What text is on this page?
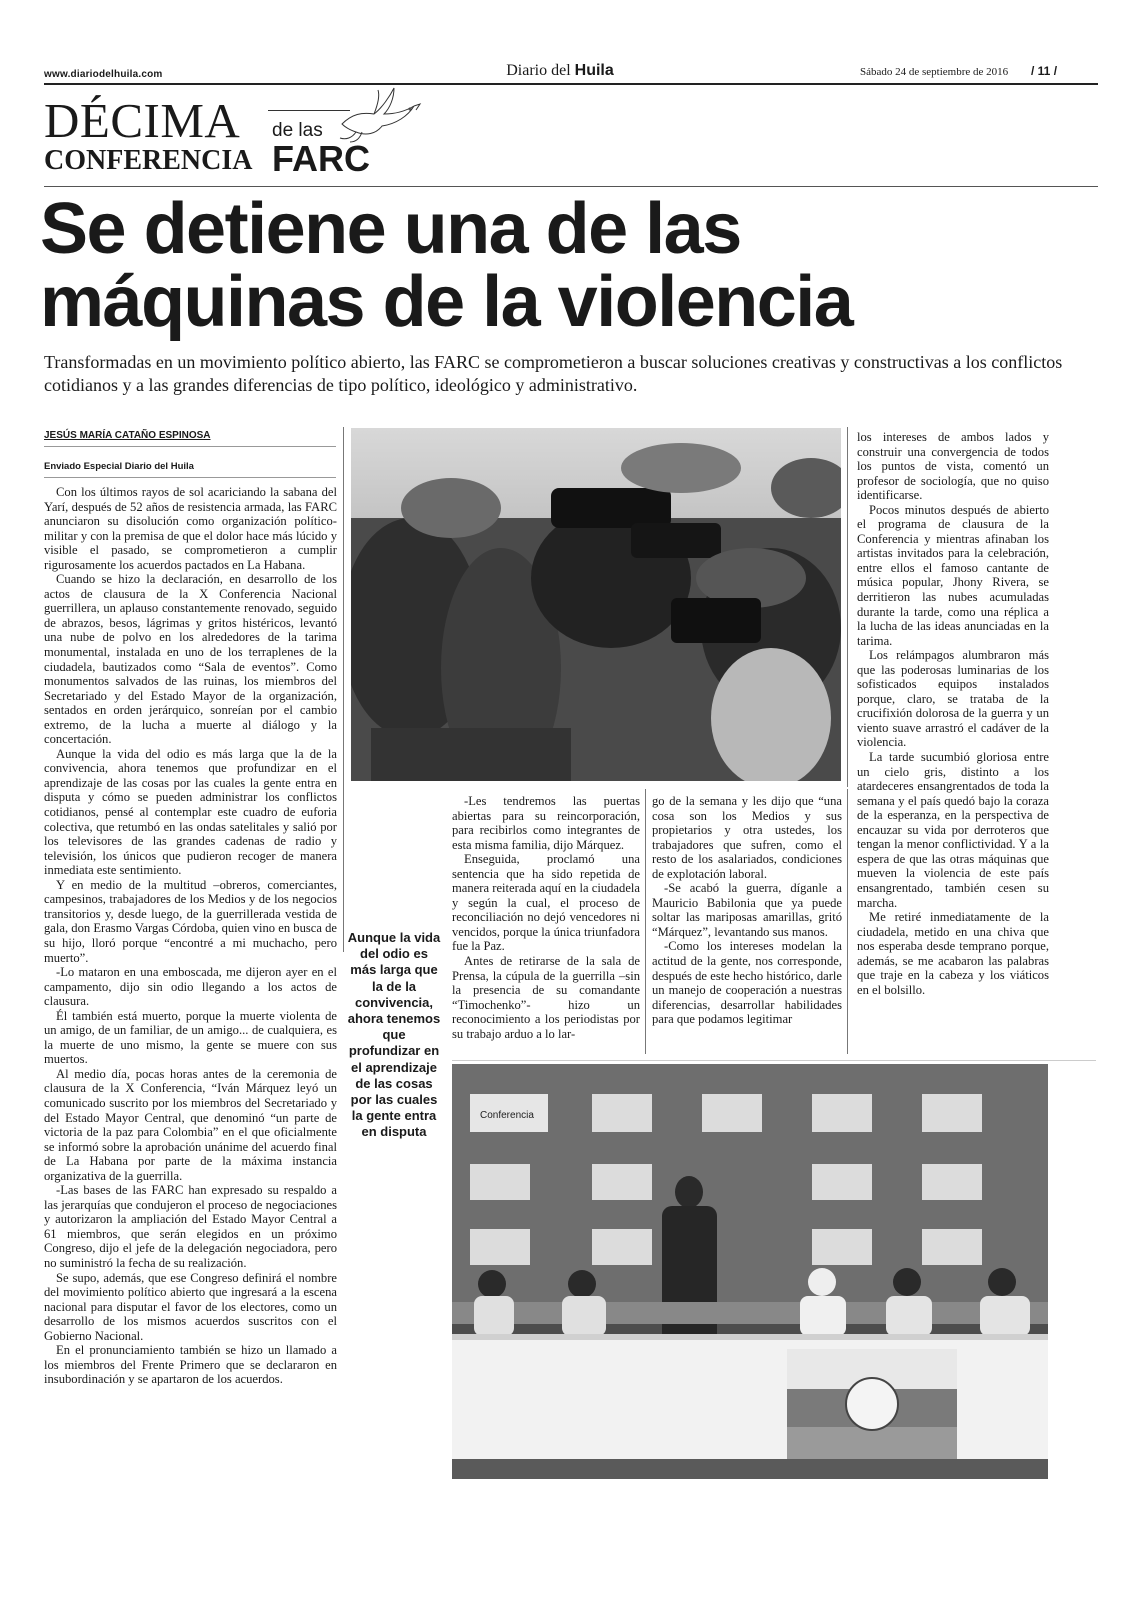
www.diariodelhuila.com	Diario del Huila	Sábado 24 de septiembre de 2016 / 11 /
DÉCIMA de las
CONFERENCIA FARC
Se detiene una de las
máquinas de la violencia
Transformadas en un movimiento político abierto, las FARC se comprometieron a buscar soluciones creativas y constructivas a los conflictos cotidianos y a las grandes diferencias de tipo político, ideológico y administrativo.
JESÚS MARÍA CATAÑO ESPINOSA
Enviado Especial Diario del Huila

Con los últimos rayos de sol acariciando la sabana del Yarí, después de 52 años de resistencia armada, las FARC anunciaron su disolución como organización político-militar y con la premisa de que el dolor hace más lúcido y visible el pasado, se comprometieron a cumplir rigurosamente los acuerdos pactados en La Habana.

Cuando se hizo la declaración, en desarrollo de los actos de clausura de la X Conferencia Nacional guerrillera, un aplauso constantemente renovado, seguido de abrazos, besos, lágrimas y gritos histéricos, levantó una nube de polvo en los alrededores de la tarima monumental, instalada en uno de los terraplenes de la ciudadela, bautizados como “Sala de eventos”. Como monumentos salvados de las ruinas, los miembros del Secretariado y del Estado Mayor de la organización, sentados en orden jerárquico, sonreían por el cambio extremo, de la lucha a muerte al diálogo y la concertación.

Aunque la vida del odio es más larga que la de la convivencia, ahora tenemos que profundizar en el aprendizaje de las cosas por las cuales la gente entra en disputa y cómo se pueden administrar los conflictos cotidianos, pensé al contemplar este cuadro de euforia colectiva, que retumbó en las ondas satelitales y salió por los televisores de las grandes cadenas de radio y televisión, los únicos que pudieron recoger de manera inmediata este sentimiento.

Y en medio de la multitud –obreros, comerciantes, campesinos, trabajadores de los Medios y de los negocios transitorios y, desde luego, de la guerrillerada vestida de gala, don Erasmo Vargas Córdoba, quien vino en busca de su hijo, lloró porque “encontré a mi muchacho, pero muerto”.

-Lo mataron en una emboscada, me dijeron ayer en el campamento, dijo sin odio llegando a los actos de clausura.

Él también está muerto, porque la muerte violenta de un amigo, de un familiar, de un amigo... de cualquiera, es la muerte de uno mismo, la gente se muere con sus muertos.

Al medio día, pocas horas antes de la ceremonia de clausura de la X Conferencia, “Iván Márquez leyó un comunicado suscrito por los miembros del Secretariado y del Estado Mayor Central, que denominó “un parte de victoria de la paz para Colombia” en el que oficialmente se informó sobre la aprobación unánime del acuerdo final de La Habana por parte de la máxima instancia organizativa de la guerrilla.

-Las bases de las FARC han expresado su respaldo a las jerarquías que condujeron el proceso de negociaciones y autorizaron la ampliación del Estado Mayor Central a 61 miembros, que serán elegidos en un próximo Congreso, dijo el jefe de la delegación negociadora, pero no suministró la fecha de su realización.

Se supo, además, que ese Congreso definirá el nombre del movimiento político abierto que ingresará a la escena nacional para disputar el favor de los electores, como un desarrollo de los mismos acuerdos suscritos con el Gobierno Nacional.

En el pronunciamiento también se hizo un llamado a los miembros del Frente Primero que se declararon en insubordinación y se apartaron de los acuerdos.

Aunque la vida del odio es más larga que la de la convivencia, ahora tenemos que profundizar en el aprendizaje de las cosas por las cuales la gente entra en disputa

-Les tendremos las puertas abiertas para su reincorporación, para recibirlos como integrantes de esta misma familia, dijo Márquez.

Enseguida, proclamó una sentencia que ha sido repetida de manera reiterada aquí en la ciudadela y según la cual, el proceso de reconciliación no dejó vencedores ni vencidos, porque la única triunfadora fue la Paz.

Antes de retirarse de la sala de Prensa, la cúpula de la guerrilla –sin la presencia de su comandante “Timochenko”- hizo un reconocimiento a los periodistas por su trabajo arduo a lo lar-

go de la semana y les dijo que “una cosa son los Medios y sus propietarios y otra ustedes, los trabajadores que sufren, como el resto de los asalariados, condiciones de explotación laboral.

-Se acabó la guerra, díganle a Mauricio Babilonia que ya puede soltar las mariposas amarillas, gritó “Márquez”, levantando sus manos.

-Como los intereses modelan la actitud de la gente, nos corresponde, después de este hecho histórico, darle un manejo de cooperación a nuestras diferencias, desarrollar habilidades para que podamos legitimar

los intereses de ambos lados y construir una convergencia de todos los puntos de vista, comentó un profesor de sociología, que no quiso identificarse.

Pocos minutos después de abierto el programa de clausura de la Conferencia y mientras afinaban los artistas invitados para la celebración, entre ellos el famoso cantante de música popular, Jhony Rivera, se derritieron las nubes acumuladas durante la tarde, como una réplica a la lucha de las ideas anunciadas en la tarima.

Los relámpagos alumbraron más que las poderosas luminarias de los sofisticados equipos instalados porque, claro, se trataba de la crucifixión dolorosa de la guerra y un viento suave arrastró el cadáver de la violencia.

La tarde sucumbió gloriosa entre un cielo gris, distinto a los atardeceres ensangrentados de toda la semana y el país quedó bajo la coraza de la esperanza, en la perspectiva de encauzar su vida por derroteros que tengan la menor conflictividad. Y a la espera de que las otras máquinas que mueven la violencia de este país ensangrentado, también cesen su marcha.

Me retiré inmediatamente de la ciudadela, metido en una chiva que nos esperaba desde temprano porque, además, se me acabaron las palabras que traje en la cabeza y los viáticos en el bolsillo.

Conferencia
